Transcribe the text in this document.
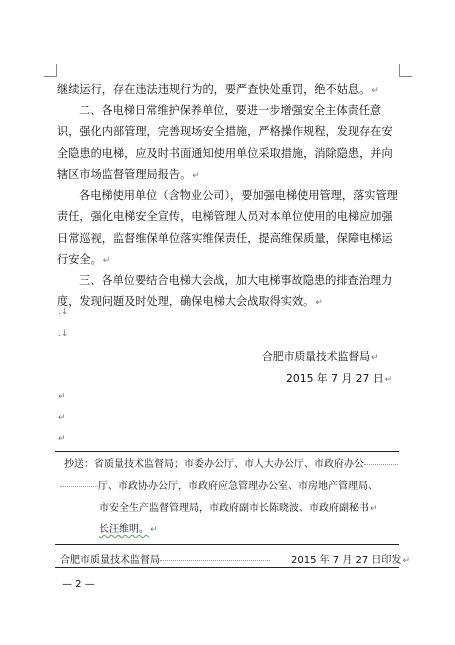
继续运行，存在违法违规行为的，要严查快处重罚，绝不姑息。↵

二、各电梯日常维护保养单位，要进一步增强安全主体责任意识，强化内部管理，完善现场安全措施，严格操作规程，发现存在安全隐患的电梯，应及时书面通知使用单位采取措施，消除隐患，并向辖区市场监督管理局报告。↵

各电梯使用单位（含物业公司），要加强电梯使用管理，落实管理责任，强化电梯安全宣传，电梯管理人员对本单位使用的电梯应加强日常巡视，监督维保单位落实维保责任，提高维保质量，保障电梯运行安全。↵

三、各单位要结合电梯大会战，加大电梯事故隐患的排查治理力度，发现问题及时处理，确保电梯大会战取得实效。↵

.↓
.↓
合肥市质量技术监督局↵
2015 年 7 月 27 日↵
↵
↵
↵
抄送：省质量技术监督局；市委办公厅、市人大办公厅、市政府办公
厅、市政协办公厅，市政府应急管理办公室、市房地产管理局、
市安全生产监督管理局，市政府副市长陈晓波、市政府副秘书↵
长汪维明。↵
合肥市质量技术监督局	2015 年 7 月 27 日印发↵
— 2 —
